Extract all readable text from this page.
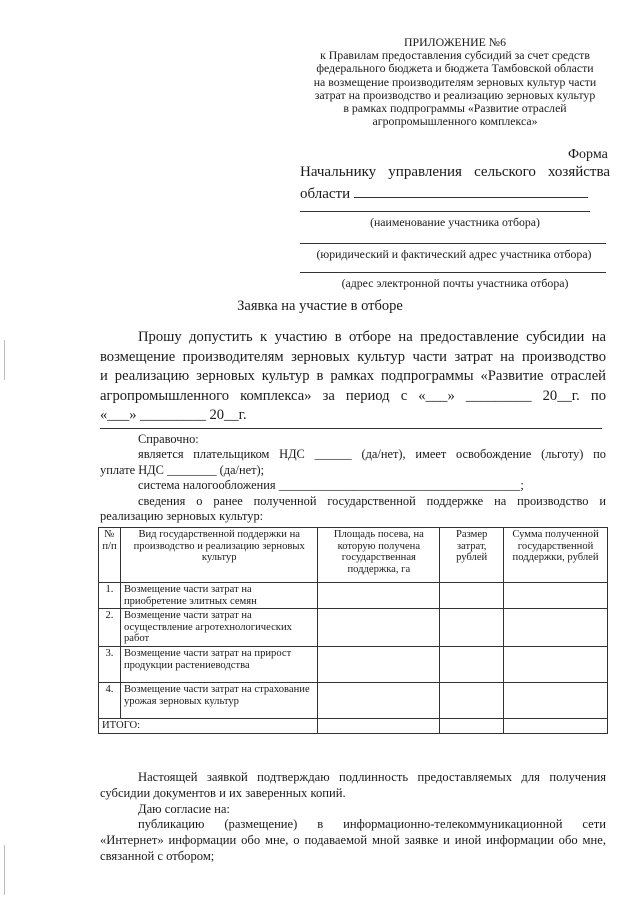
ПРИЛОЖЕНИЕ №6
к Правилам предоставления субсидий за счет средств
федерального бюджета и бюджета Тамбовской области
на возмещение производителям зерновых культур части
затрат на производство и реализацию зерновых культур
в рамках подпрограммы «Развитие отраслей
агропромышленного комплекса»
Форма
Начальнику управления сельского хозяйства
области
(наименование участника отбора)
(юридический и фактический адрес участника отбора)
(адрес электронной почты участника отбора)
Заявка на участие в отборе
Прошу допустить к участию в отборе на предоставление субсидии на
возмещение производителям зерновых культур части затрат на производство
и реализацию зерновых культур в рамках подпрограммы «Развитие отраслей
агропромышленного комплекса» за период с «___» _________ 20__г. по
«___» _________ 20__г.
Справочно:
является плательщиком НДС ______ (да/нет), имеет освобождение (льготу) по
уплате НДС ________ (да/нет);
система налогообложения _______________________________________;
сведения о ранее полученной государственной поддержке на производство и
реализацию зерновых культур:
№ п/п	Вид государственной поддержки на производство и реализацию зерновых культур	Площадь посева, на которую получена государственная поддержка, га	Размер затрат, рублей	Сумма полученной государственной поддержки, рублей
1.	Возмещение части затрат на приобретение элитных семян			
2.	Возмещение части затрат на осуществление агротехнологических работ			
3.	Возмещение части затрат на прирост продукции растениеводства			
4.	Возмещение части затрат на страхование урожая зерновых культур			
ИТОГО:				
Настоящей заявкой подтверждаю подлинность предоставляемых для получения
субсидии документов и их заверенных копий.
Даю согласие на:
публикацию (размещение) в информационно-телекоммуникационной сети
«Интернет» информации обо мне, о подаваемой мной заявке и иной информации обо мне,
связанной с отбором;
